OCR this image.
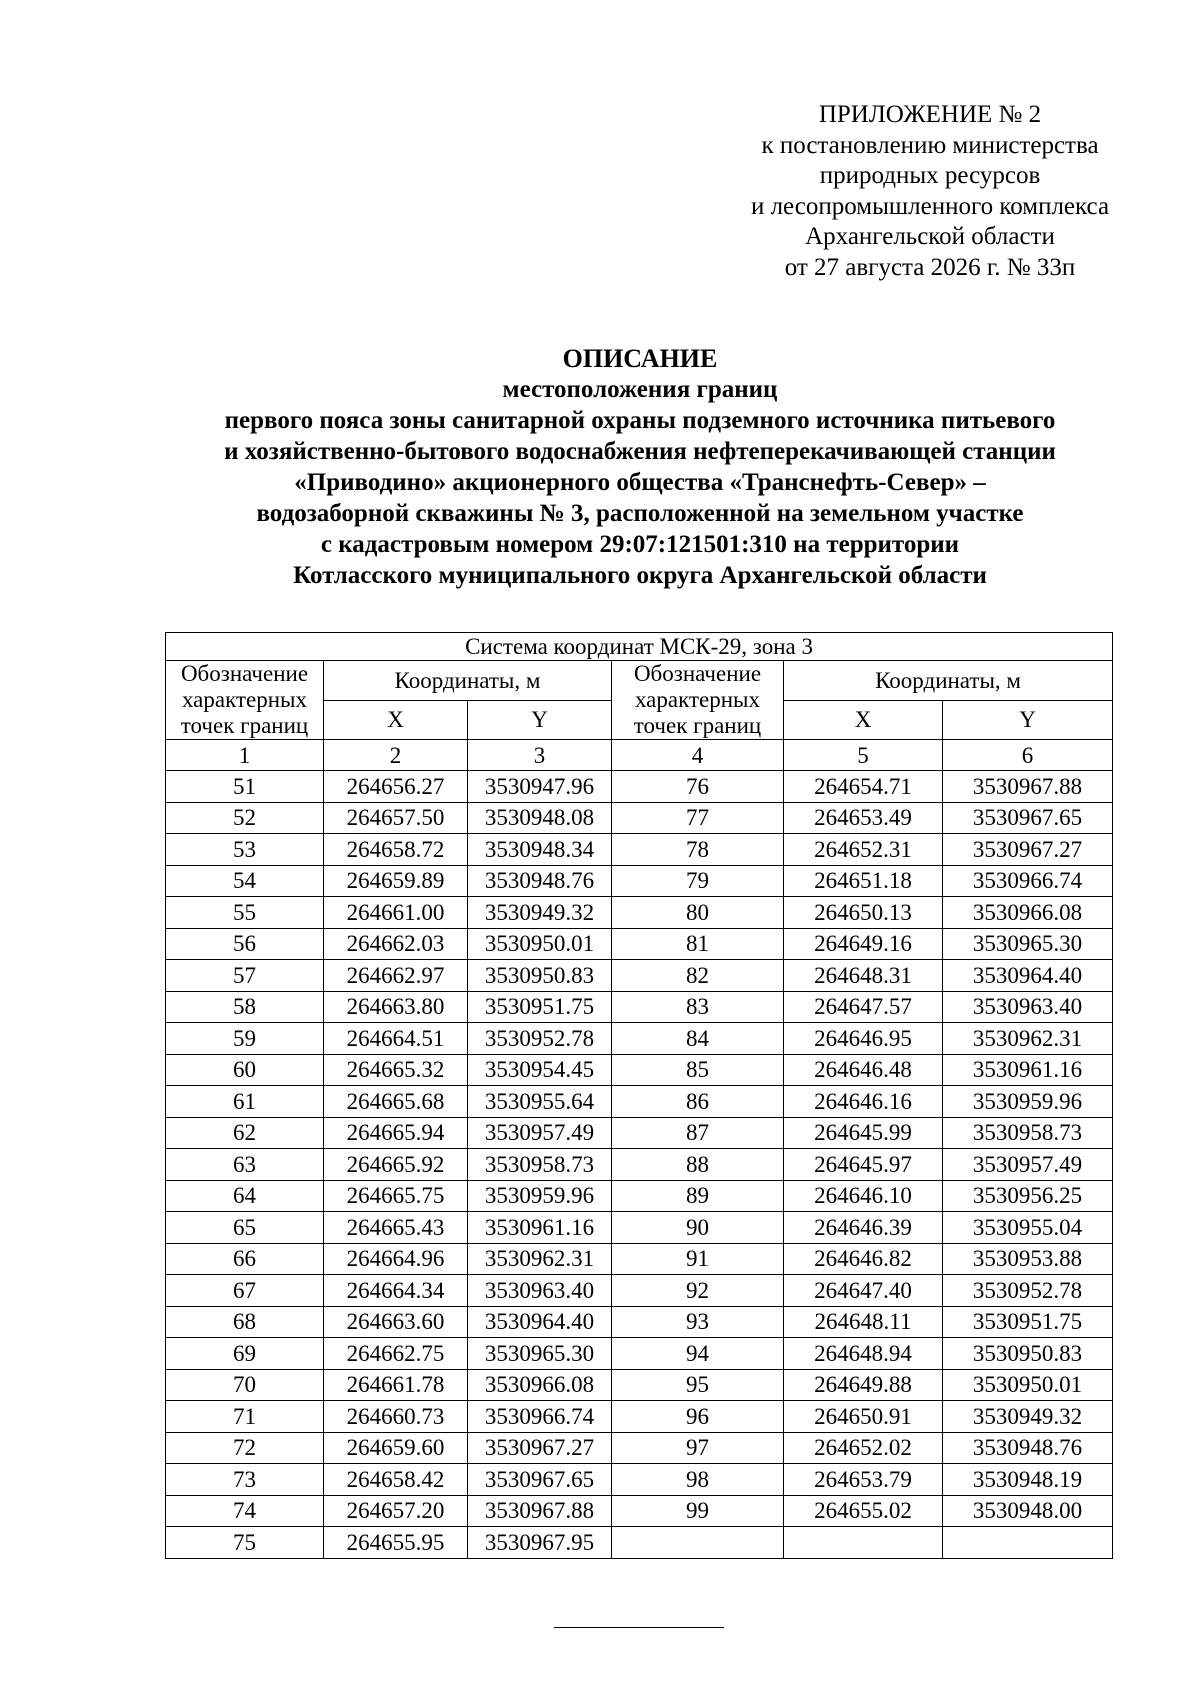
ПРИЛОЖЕНИЕ № 2
к постановлению министерства
природных ресурсов
и лесопромышленного комплекса
Архангельской области
от 27 августа 2026 г. № 33п
ОПИСАНИЕ
местоположения границ
первого пояса зоны санитарной охраны подземного источника питьевого
и хозяйственно-бытового водоснабжения нефтеперекачивающей станции
«Приводино» акционерного общества «Транснефть-Север» –
водозаборной скважины № 3, расположенной на земельном участке
с кадастровым номером 29:07:121501:310 на территории
Котласского муниципального округа Архангельской области
Система координат МСК-29, зона 3					
Обозначение характерных точек границ	Координаты, м		Обозначение характерных точек границ	Координаты, м	
	X	Y		X	Y
1	2	3	4	5	6
51	264656.27	3530947.96	76	264654.71	3530967.88
52	264657.50	3530948.08	77	264653.49	3530967.65
53	264658.72	3530948.34	78	264652.31	3530967.27
54	264659.89	3530948.76	79	264651.18	3530966.74
55	264661.00	3530949.32	80	264650.13	3530966.08
56	264662.03	3530950.01	81	264649.16	3530965.30
57	264662.97	3530950.83	82	264648.31	3530964.40
58	264663.80	3530951.75	83	264647.57	3530963.40
59	264664.51	3530952.78	84	264646.95	3530962.31
60	264665.32	3530954.45	85	264646.48	3530961.16
61	264665.68	3530955.64	86	264646.16	3530959.96
62	264665.94	3530957.49	87	264645.99	3530958.73
63	264665.92	3530958.73	88	264645.97	3530957.49
64	264665.75	3530959.96	89	264646.10	3530956.25
65	264665.43	3530961.16	90	264646.39	3530955.04
66	264664.96	3530962.31	91	264646.82	3530953.88
67	264664.34	3530963.40	92	264647.40	3530952.78
68	264663.60	3530964.40	93	264648.11	3530951.75
69	264662.75	3530965.30	94	264648.94	3530950.83
70	264661.78	3530966.08	95	264649.88	3530950.01
71	264660.73	3530966.74	96	264650.91	3530949.32
72	264659.60	3530967.27	97	264652.02	3530948.76
73	264658.42	3530967.65	98	264653.79	3530948.19
74	264657.20	3530967.88	99	264655.02	3530948.00
75	264655.95	3530967.95			
